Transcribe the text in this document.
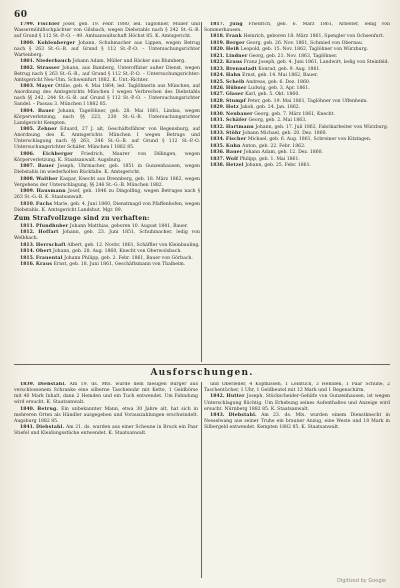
60

1799. Fischler Josef, geb. 19. Febr. 1880, led. Taglöhner, Müller und Wassermühlfischpächter von Gilsbach, wegen Diebstahls nach § 242 St.-G.-B. auf Grund § 112 St.-P.-O. – 49. Amtsanwaltschaft Höchst 85. K. Amtsgericht.

1800. Kohlenberger Johann, Schuhmacher aus Lippen, wegen Betrug nach § 263 St.-G.-B. auf Grund § 112 St.-P.-O. – Untersuchungsrichter Wartenberg.

1801. Niederbauch Johann Adam, Müller und Bäcker aus Blumberg.

1802. Strasser Johann, aus Bamberg, Unteroffizier außer Dienst, wegen Betrug nach § 263 St.-G.-B., auf Grund § 112 St.-P.-O. – Untersuchungsrichter: Amtsgericht Neu-Ulm. Schweinfurt 1882. K. Unt.-Richter.

1803. Mayer Ottilie, geb. 4. Mai 1864, led. Taglöhnerin aus München, auf Anordnung des Amtsgerichts München I wegen Verbrechen des Diebstahls nach §§ 242, 244 St.-G.-B. auf Grund § 112 St.-P.-O. – Untersuchungsrichter Sandel. – Passau 3. München I 1882 85.

1804. Bauer Johann, Tagelöhner, geb. 28. Mai 1861, Lindau, wegen Körperverletzung, nach §§ 223, 230 St.-G.-B. Untersuchungsrichter Landgericht Kempten.

1805. Zehner Eduard, 27 J. alt, Geschäftsführer von Regensburg, auf Anordnung des K. Amtsgerichts München I wegen Betrugs und Unterschlagung nach §§ 263, 246 St.-G.-B. auf Grund § 112 St.-P.-O. Untersuchungsrichter Schäfer. München I 1882 85.

1806. Eichberger Friedrich, Maurer von Dillingen, wegen Körperverletzung. K. Staatsanwalt. Augsburg.

1807. Bauer Joseph, Uhrmacher, geb. 1851 in Gunzenhausen, wegen Diebstahls im wiederholten Rückfalle. K. Amtsgericht.

1808. Walther Kaspar, Knecht aus Brennberg, geb. 18. März 1862, wegen Vergehens der Unterschlagung, §§ 246 St.-G.-B. München 1882.

1809. Hausmann Josef, geb. 1846 zu Dingolfing, wegen Betruges nach § 263 St.-G.-B. K. Staatsanwalt.

1810. Fuchs Marie, geb. 4. Juni 1860, Dienstmagd von Pfaffenhofen, wegen Diebstahls. K. Amtsgericht Landshut. Mgr. 89.

Zum Strafvollzuge sind zu verhaften:

1811. Pfundhuber Johann Matthias, geboren 10. August 1841, Bauer.

1812. Hoffart Johann, geb. 23. Juni 1851, Schuhmacher, ledig von Welbhach.

1813. Herrschaft Albert, geb. 12. Novbr. 1861, Schäffler von Kleinbauling.

1814. Obert Johann, geb. 28. Aug. 1860, Knecht von Oberwolsbach.

1815. Frauental Johann Philipp, geb. 2. Febr. 1861, Bauer von Görbach.

1816. Kraus Ernst, geb. 18. Juni 1861, Geschäftsmann von Thalheim.

1817. Jung Friedrich, geb. 6. März 1861, Arbeiter, ledig von Sommerhausen.

1818. Frank Heinrich, geboren 18. März 1861, Spengler von Ochsenfurt.

1819. Berger Georg, geb. 26. Nov. 1861, Schmied von Obernau.

1820. Heiß Leopold, geb. 15. Nov. 1862, Taglöhner von Würzburg.

1821. Lindner Georg, geb. 21. Nov. 1863, Taglöhner.

1822. Kraus Franz Joseph, geb. 4. Juni 1861, Landwirt, ledig von Steinfeld.

1823. Brennstadt Konrad, geb. 9. Aug. 1861.

1824. Hahn Ernst, geb. 14. Mai 1862, Bauer.

1825. Scheib Andreas, geb. 6. Dez. 1860.

1826. Hübner Ludwig, geb. 3. Apr. 1861.

1827. Glaser Karl, geb. 5. Okt. 1860.

1828. Stumpf Peter, geb. 19. Mai 1861, Taglöhner von Uffenheim.

1829. Hotz Jakob, geb. 24. Jan. 1862.

1830. Neubauer Georg, geb. 7. März 1861, Knecht.

1831. Schäfer Georg, geb. 2. Mai 1863.

1832. Hartmann Johann, geb. 17. Juli 1862, Fabrikarbeiter von Würzburg.

1833. Stöhr Johann Michael, geb. 20. Dez. 1860.

1834. Fischer Michael, geb. 6. Aug. 1861, Schreiner von Kitzingen.

1835. Kuhn Anton, geb. 22. Febr. 1862.

1836. Bauer Johann Adam, geb. 12. Dez. 1860.

1837. Wolf Philipp, geb. 1. Mai 1861.

1838. Hetzel Johann, geb. 25. Febr. 1861.

Ausforschungen.

1839. Diebstahl. Am 19. ds. Mts. wurde dem hiesigen Bürger aus verschlossenem Schranke eine silberne Taschenuhr mit Kette, 1 Geldbörse mit 40 Mark Inhalt, dann 2 Hemden und ein Tuch entwendet. Um Fahndung wird ersucht. K. Staatsanwalt.

1840. Betrug. Ein unbekannter Mann, etwa 30 Jahre alt, hat sich in mehreren Orten als Händler ausgegeben und Vorauszahlungen erschwindelt. Augsburg 1882 85.

1841. Diebstahl. Am 21. ds. wurden aus einer Scheune in Bruck ein Paar Stiefel und Kleidungsstücke entwendet. K. Staatsanwalt.

und Oberleder, 4 Kopfkissen, 1 Leintuch, 3 Hemden, 1 Paar Schuhe, 2 Taschentücher, 1 Uhr, 1 Geldbeutel mit 12 Mark und 1 Regenschirm.

1842. Hutter Joseph, Stückscheider-Gehilfe von Gunzenhausen, ist wegen Unterschlagung flüchtig. Um Erhebung seines Aufenthaltes und Anzeige wird ersucht. Nürnberg 1882 85. K. Staatsanwalt.

1843. Diebstahl. Am 23. ds. Mts. wurden einem Dienstknecht in Nesselwang aus seiner Truhe ein brauner Anzug, eine Weste und 18 Mark in Silbergeld entwendet. Kempten 1882 85. K. Staatsanwalt.

Digitized by Google
